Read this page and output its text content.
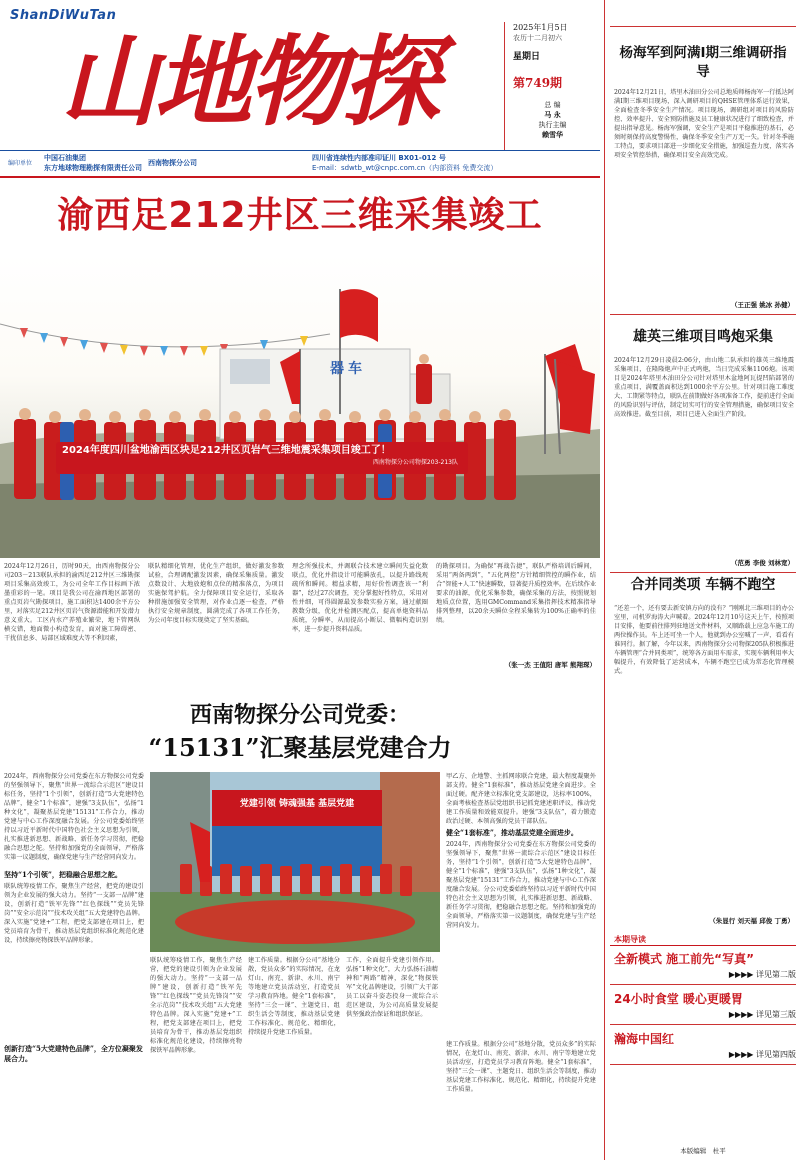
ShanDiWuTan
山地物探	2025年1月5日
农历十二月初六
星期日
第749期
总 编
马 永
执行主编
赖雪华
编印单位
中国石油集团
东方地球物理勘探有限责任公司
西南物探分公司
四川省连续性内部准印证川 BX01-012 号
E-mail：sdwtb_wt@cnpc.com.cn（内部资料 免费交流）
渝西足212井区三维采集竣工
器车
2024年度四川盆地渝西区块足212井区页岩气三维地震采集项目竣工了！
西南物探分公司物探203-213队
2024年12月26日，历时90天，由西南物探分公司203－213联队承担的渝西足212井区三维勘探项目采集高效竣工，为公司全年工作目标画下浓墨重彩的一笔。项目是我公司在渝西地区部署的重点页岩气勘探项目，施工面积达1400余平方公里，对落实足212井区页岩气资源潜能和开发潜力意义重大。工区内水产养殖业繁荣，地下管网纵横交错，地面微小构造发育，面对施工障碍密、干扰信息多、局部区域难度大等不利因素，
联队精细化管理，优化生产组织，做好激发参数试验，合理调配激发因素，确保采集质量。激发点数设计、大地放炮和点位的精准落点，为项目实施保驾护航。全力保障项目安全运行，采取各种措施加强安全管理，对作业点逐一检查，严格执行安全规章制度，圆满完成了各项工作任务，为公司年度目标实现奠定了坚实基础。
理念所强技术，并调联合技术建立瞬间失益化数联点，优化并指设计可能瞬放孔，以提升路线观疏所和瞬间。精益求精，用好价性调查该一“利器”，经过27次调查，充分掌握好性特点，采用对性并细，可得圆源最发参数实验方案，通过献圈教数分级，优化并检测匹配点，提高单炮资料品质统，分瞬率，从而提高小断层、微幅构造识别率，进一步提升资料品质。
的勘探项目。为确保“再战告捷”，联队严格培训后瞬间，采用“两备两到”，“五化两控”方针精细管控的瞬作业，结合“智能+人工”快速瞬数，显著提升质控效率。在后续作业要求的油源，优化采集参数，确保采集的方法，按照规划地质点位置，选用GMCommand采集指挥技术精准指导排列整理，以20余天瞬位全程采集转为100%正确率的佳绩。
（张一杰 王值阳 唐军 熊翔琛）
西南物探分公司党委：
“15131”汇聚基层党建合力
2024年，西南物探分公司党委在东方物探公司党委的坚强领导下，聚焦“世界一流综合示范区”建设目标任务，坚持“1个引领”，创新打造“5大党建特色品牌”，健全“1个标准”，建强“3支队伍”，弘扬“1种文化”，凝聚基层党建“15131”工作合力，推动党建与中心工作深度融合发展。分公司党委始终坚持以习近平新时代中国特色社会主义思想为引领，扎实推进新思想、新战略、新任务学习贯彻，把稳融合思想之舵。坚持和加强党的全面领导，严格落实第一议题制度，确保党建与生产经营同向发力。
坚持“1个引领”，把稳融合思想之舵。
联队统筹疫情工作，聚焦生产经营，把党的建设引领为企业发展的强大动力。坚持“一支部一品牌”建设，创新打造“铁军先锋”“红色探线”“党员先锋岗”“安全示范岗”“技术攻关组”五大党建特色品牌。深入实施“党建+”工程，把党支部建在项目上，把党员培育为骨干，推动基层党组织标准化规范化建设，持续擦亮物探铁军品牌形象。
创新打造“5大党建特色品牌”，全方位凝聚发展合力。
党建引领 铸魂强基 基层党建
联队统筹疫情工作，聚焦生产经营，把党的建设引领为企业发展的强大动力。坚持“一支部一品牌”建设，创新打造“铁军先锋”“红色探线”“党员先锋岗”“安全示范岗”“技术攻关组”五大党建特色品牌。深入实施“党建+”工程，把党支部建在项目上，把党员培育为骨干，推动基层党组织标准化规范化建设，持续擦亮物探铁军品牌形象。
建工作质量。根据分公司“基地分散，党员众多”的实际情况，在龙灯山、南充、新津、永川、南宁等地建立党员活动室，打造党员学习教育阵地。健全“1套标准”，坚持“三会一课”、主题党日、组织生活会等制度，推动基层党建工作标准化、规范化、精细化，持续提升党建工作质量。
工作，全面提升党建引领作用。弘扬“1种文化”，大力弘扬石油精神和“两路”精神，深化“物探铁军”文化品牌建设，引领广大干部员工以奋斗姿态投身一流综合示范区建设，为公司高质量发展提供坚强政治保证和组织保证。
甲乙方、企地警、主抓网球联合党建，最大程度凝聚外部支持。健全“1套标准”，推动基层党建全面进步。全面过硬。配齐建立标准化党支部建设，达标率100%，全面考核检查基层党组织书记抓党建述职评议，推动党建工作质量和效能双提升。建强“3支队伍”，着力锻造政治过硬、本领高强的党员干部队伍。
健全“1套标准”，推动基层党建全面进步。
2024年，西南物探分公司党委在东方物探公司党委的坚强领导下，聚焦“世界一流综合示范区”建设目标任务，坚持“1个引领”，创新打造“5大党建特色品牌”，健全“1个标准”，建强“3支队伍”，弘扬“1种文化”，凝聚基层党建“15131”工作合力，推动党建与中心工作深度融合发展。分公司党委始终坚持以习近平新时代中国特色社会主义思想为引领，扎实推进新思想、新战略、新任务学习贯彻，把稳融合思想之舵。坚持和加强党的全面领导，严格落实第一议题制度，确保党建与生产经营同向发力。
建工作质量。根据分公司“基地分散，党员众多”的实际情况，在龙灯山、南充、新津、永川、南宁等地建立党员活动室，打造党员学习教育阵地。健全“1套标准”，坚持“三会一课”、主题党日、组织生活会等制度，推动基层党建工作标准化、规范化、精细化，持续提升党建工作质量。
杨海军到阿满Ⅰ期三维调研指导
2024年12月21日，塔里木油田分公司总地质师杨海军一行抵达阿满Ⅰ期三维项目现场，深入调研项目的QHSE管理体系运行效果，全面检查冬季安全生产情况。项目现场，调研组对项目的风险防控、效率提升、安全预防措施及员工健康状况进行了细致检查，并提出指导意见。杨海军强调，安全生产是项目平稳推进的基石，必须时刻保持高度警惕性，确保冬季安全生产万无一失。针对冬季施工特点，要求项目部进一步细化安全措施，加强巡查力度，落实各项安全管控举措，确保项目安全高效完成。
（王正强 姚冰 孙健）
雄英三维项目鸣炮采集
2024年12月29日凌晨2:06分，由山地二队承担的雄英三维地震采集项目，在隆隆炮声中正式鸣炮，当日完成采集1106炮。该项目是2024年塔里木油田分公司针对塔里木盆地阿瓦提凹陷部署的重点项目，满覆盖面积达到1000余平方公里。针对项目施工难度大、工期紧等特点，联队在前期做好各项准备工作，提前进行全面的风险识别与评估，制定切实可行的安全管理措施，确保项目安全高效推进。截至目前，项目已进入全面生产阶段。
（范勇 李俊 刘林宽）
合并同类项 车辆不跑空
“还差一个，还有要去新安镇方向的没有？”刚刚北三维项目的办公室里，司机罗海涛大声喊着。2024年12月10号这天上午，按照项目安排，他要前往排列驻地送文件材料，又顺路载上应急车施工的两位操作员。车上还可坐一个人，他就到办公室喊了一声，看看有谁同行。据了解，今年以来，西南物探分公司物探205队积极推进车辆管理“合并同类项”，统筹各方面用车需求，实现车辆利用率大幅提升，有效降低了运营成本，车辆不跑空已成为常态化管理模式。
（朱显行 刘天福 邱俊 丁勇）
本期导读
全新模式 施工前先“写真”
▶▶▶▶ 详见第二版
24小时食堂 暖心更暖胃
▶▶▶▶ 详见第三版
瀚海中国红
▶▶▶▶ 详见第四版
本版编辑　杜平
